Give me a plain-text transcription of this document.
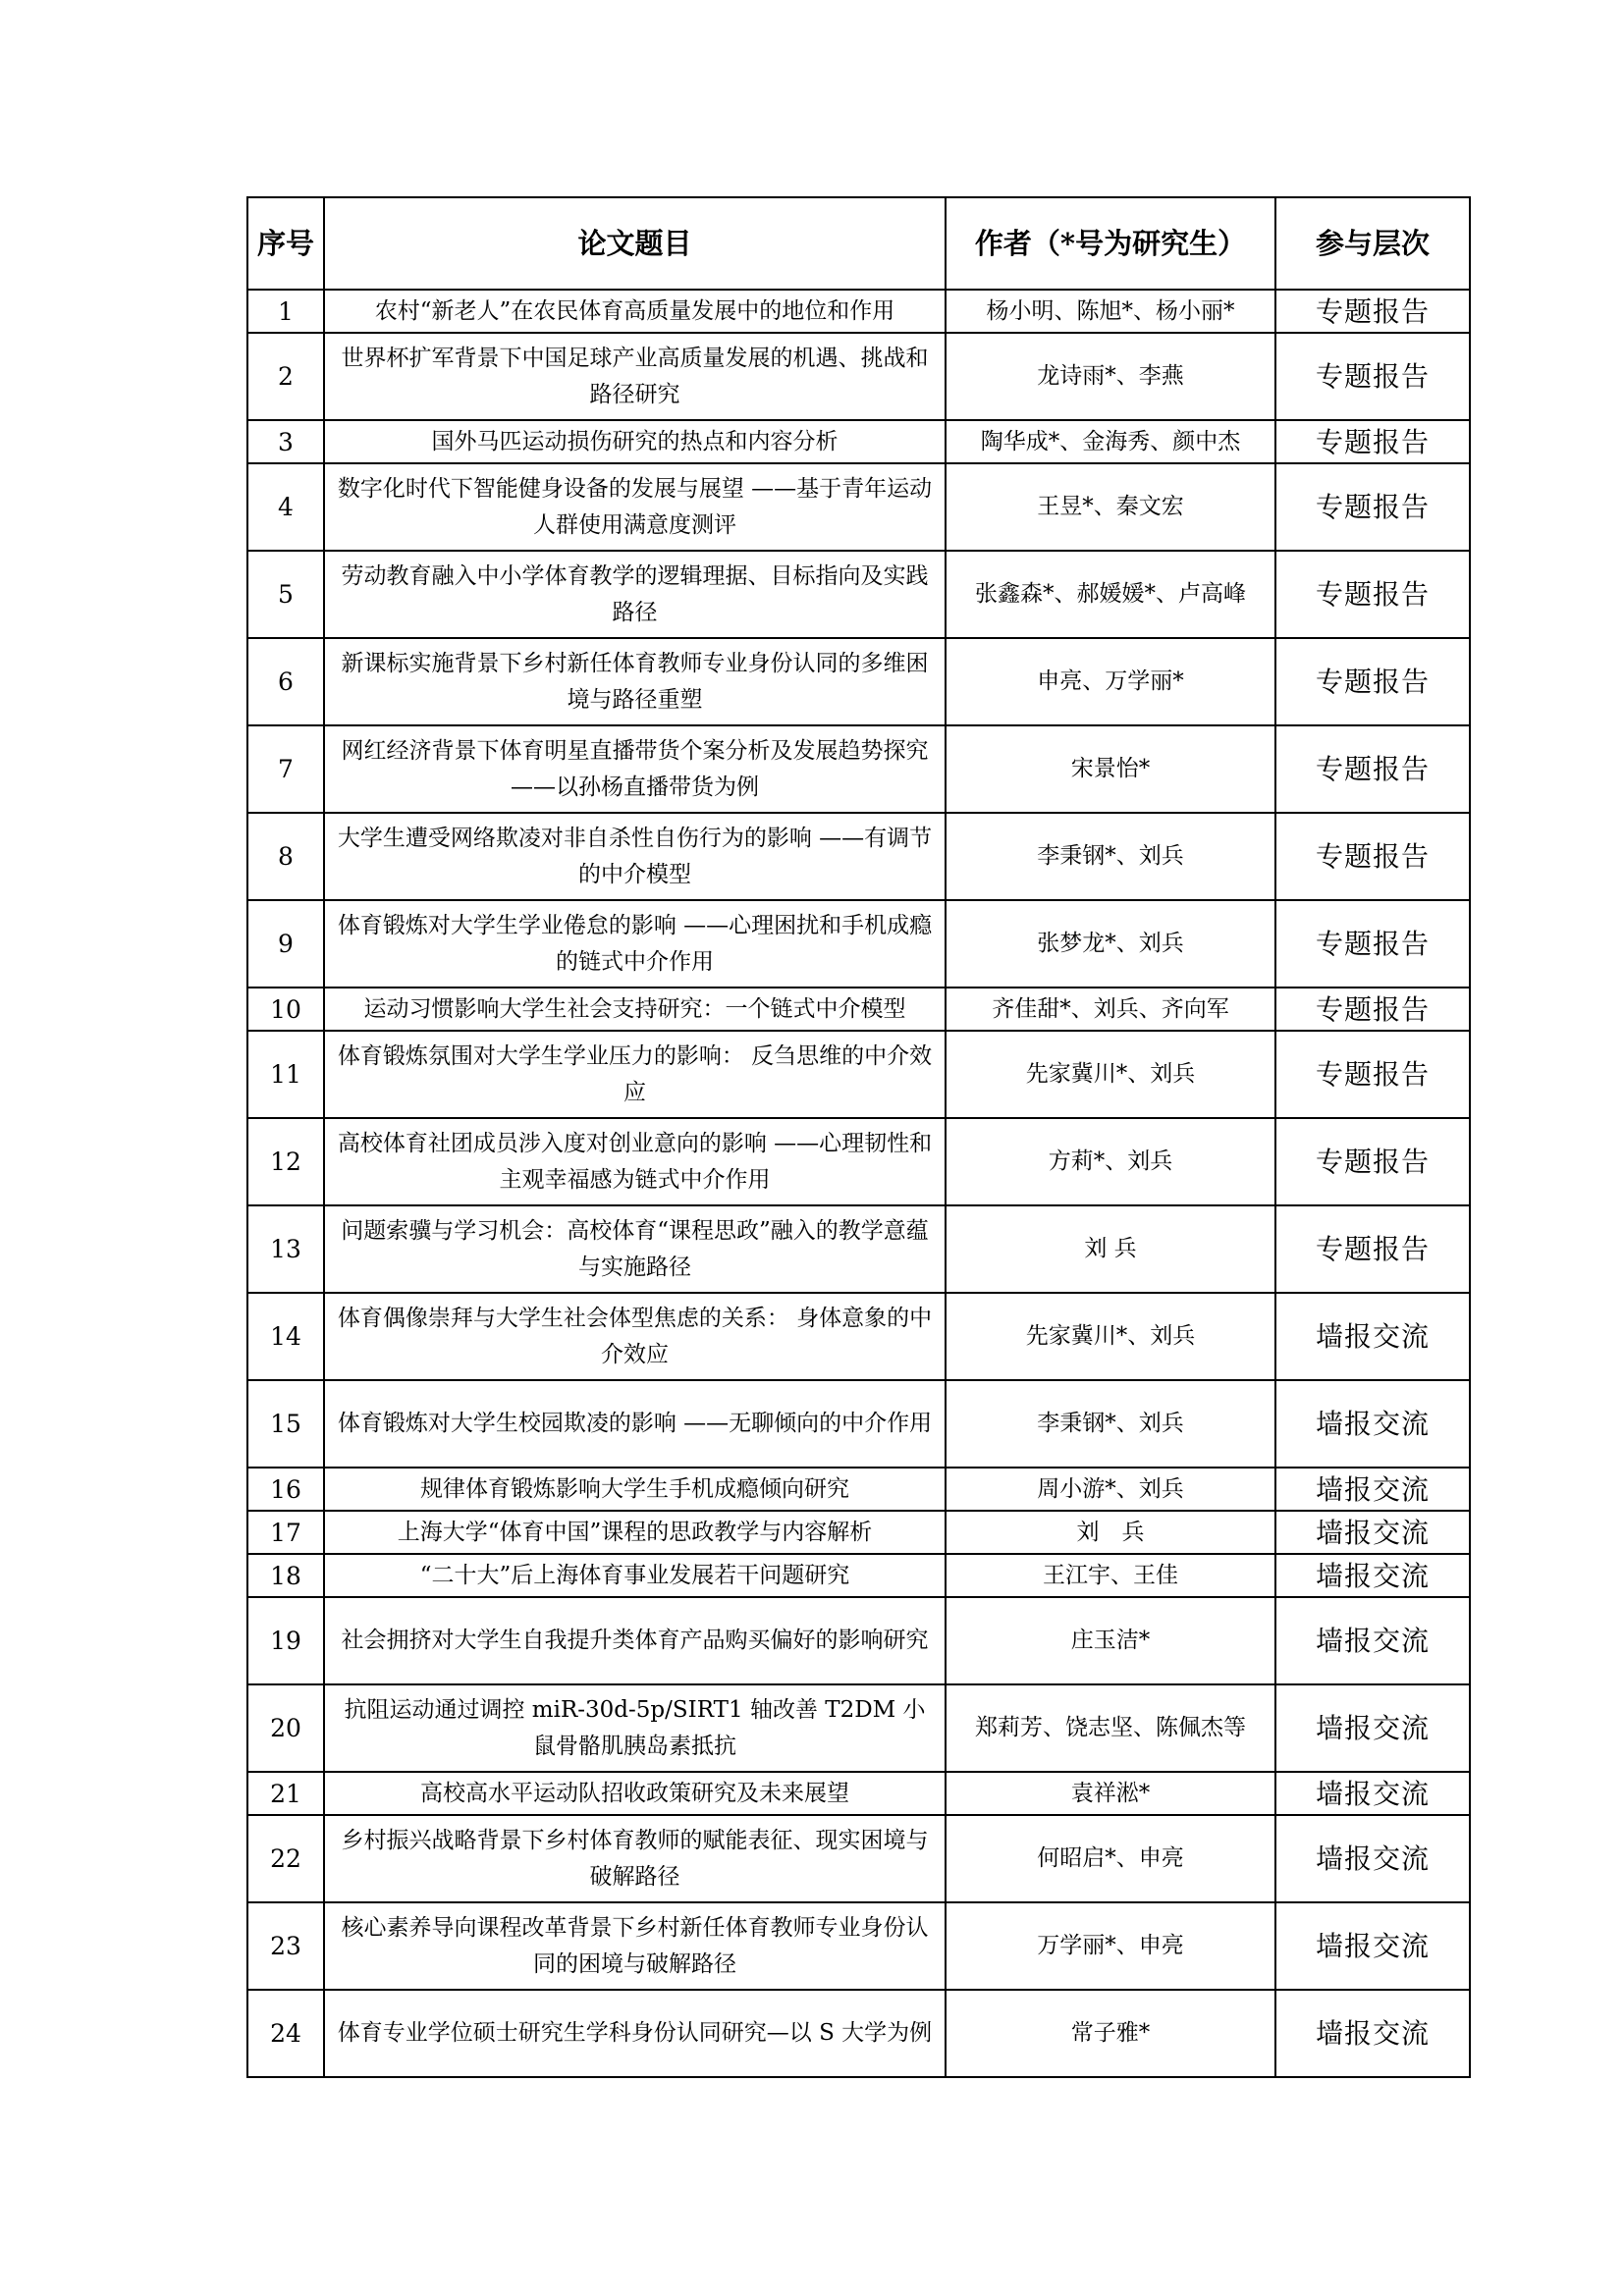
序号	论文题目	作者（*号为研究生）	参与层次
1	农村“新老人”在农民体育高质量发展中的地位和作用	杨小明、陈旭*、杨小丽*	专题报告
2	世界杯扩军背景下中国足球产业高质量发展的机遇、挑战和路径研究	龙诗雨*、李燕	专题报告
3	国外马匹运动损伤研究的热点和内容分析	陶华成*、金海秀、颜中杰	专题报告
4	数字化时代下智能健身设备的发展与展望 ——基于青年运动人群使用满意度测评	王昱*、秦文宏	专题报告
5	劳动教育融入中小学体育教学的逻辑理据、目标指向及实践路径	张鑫森*、郝媛媛*、卢高峰	专题报告
6	新课标实施背景下乡村新任体育教师专业身份认同的多维困境与路径重塑	申亮、万学丽*	专题报告
7	网红经济背景下体育明星直播带货个案分析及发展趋势探究——以孙杨直播带货为例	宋景怡*	专题报告
8	大学生遭受网络欺凌对非自杀性自伤行为的影响 ——有调节的中介模型	李秉钢*、刘兵	专题报告
9	体育锻炼对大学生学业倦怠的影响 ——心理困扰和手机成瘾的链式中介作用	张梦龙*、刘兵	专题报告
10	运动习惯影响大学生社会支持研究：一个链式中介模型	齐佳甜*、刘兵、齐向军	专题报告
11	体育锻炼氛围对大学生学业压力的影响： 反刍思维的中介效应	先家冀川*、刘兵	专题报告
12	高校体育社团成员涉入度对创业意向的影响 ——心理韧性和主观幸福感为链式中介作用	方莉*、刘兵	专题报告
13	问题索骥与学习机会：高校体育“课程思政”融入的教学意蕴与实施路径	刘 兵	专题报告
14	体育偶像崇拜与大学生社会体型焦虑的关系： 身体意象的中介效应	先家冀川*、刘兵	墙报交流
15	体育锻炼对大学生校园欺凌的影响 ——无聊倾向的中介作用	李秉钢*、刘兵	墙报交流
16	规律体育锻炼影响大学生手机成瘾倾向研究	周小游*、刘兵	墙报交流
17	上海大学“体育中国”课程的思政教学与内容解析	刘　兵	墙报交流
18	“二十大”后上海体育事业发展若干问题研究	王江宇、王佳	墙报交流
19	社会拥挤对大学生自我提升类体育产品购买偏好的影响研究	庄玉洁*	墙报交流
20	抗阻运动通过调控 miR-30d-5p/SIRT1 轴改善 T2DM 小鼠骨骼肌胰岛素抵抗	郑莉芳、饶志坚、陈佩杰等	墙报交流
21	高校高水平运动队招收政策研究及未来展望	袁祥淞*	墙报交流
22	乡村振兴战略背景下乡村体育教师的赋能表征、现实困境与破解路径	何昭启*、申亮	墙报交流
23	核心素养导向课程改革背景下乡村新任体育教师专业身份认同的困境与破解路径	万学丽*、申亮	墙报交流
24	体育专业学位硕士研究生学科身份认同研究—以 S 大学为例	常子雅*	墙报交流
